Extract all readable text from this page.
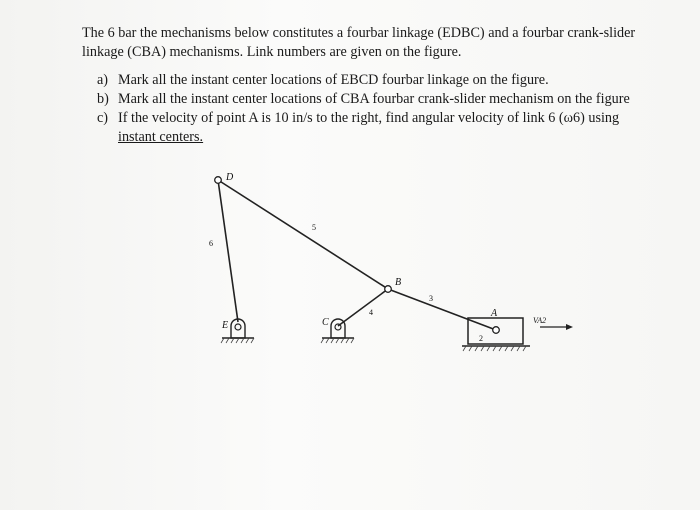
The 6 bar the mechanisms below constitutes a fourbar linkage (EDBC) and a fourbar crank-slider
linkage (CBA) mechanisms. Link numbers are given on the figure.
a) Mark all the instant center locations of EBCD fourbar linkage on the figure.
b) Mark all the instant center locations of CBA fourbar crank-slider mechanism on the figure
c) If the velocity of point A is 10 in/s to the right, find angular velocity of link 6 (ω6) using
instant centers.
D
B
A
E	C
5
6
4
3
2
VA2
